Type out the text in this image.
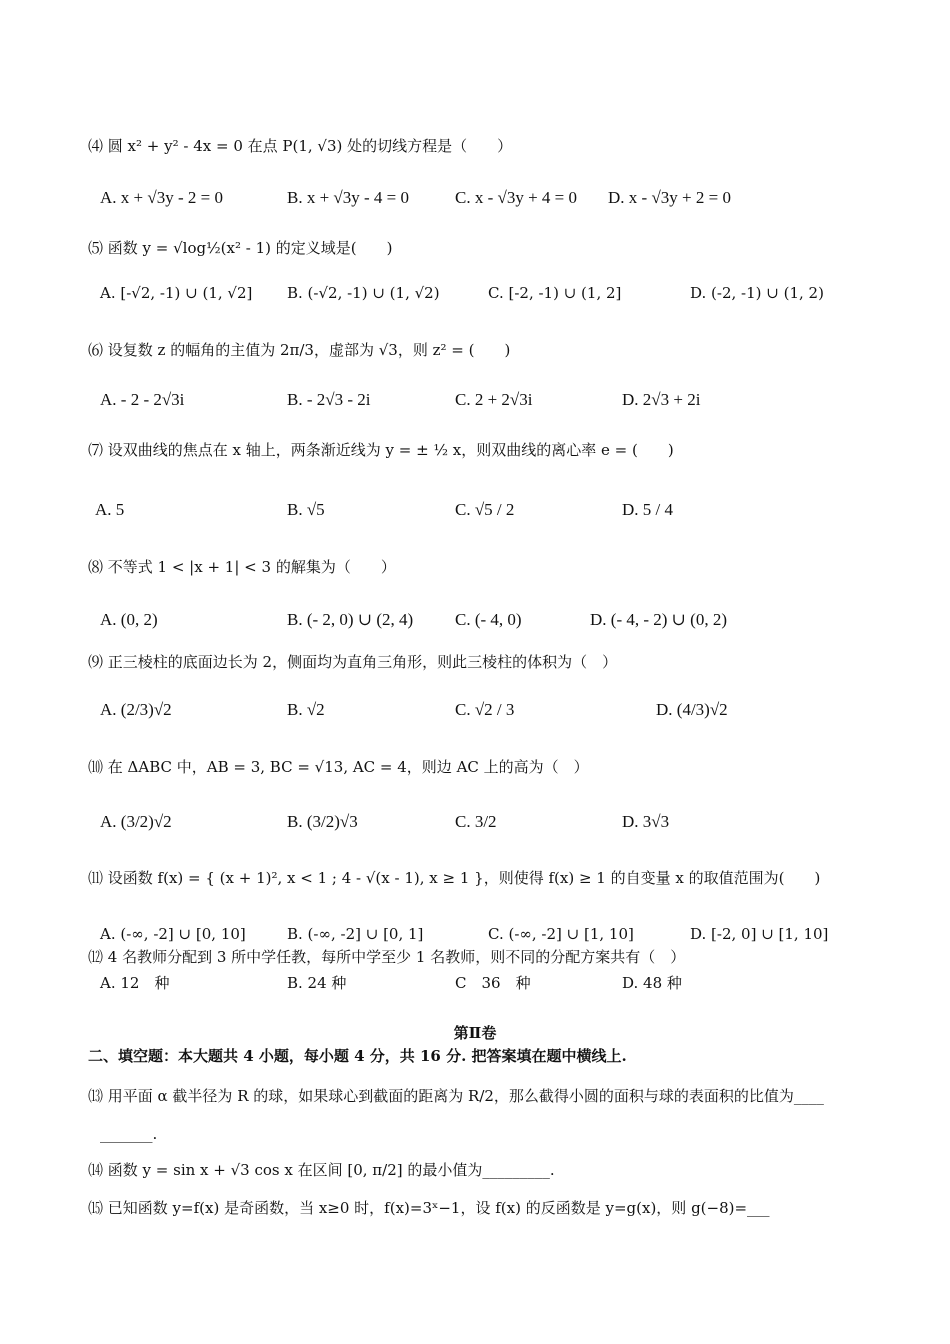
⑷ 圆 x² + y² - 4x = 0 在点 P(1, √3) 处的切线方程是（　　）
A. x + √3y - 2 = 0	B. x + √3y - 4 = 0	C. x - √3y + 4 = 0 D. x - √3y + 2 = 0
⑸ 函数 y = √log½(x² - 1) 的定义域是(　　)
A. [-√2, -1) ∪ (1, √2] B. (-√2, -1) ∪ (1, √2)	C. [-2, -1) ∪ (1, 2]	D. (-2, -1) ∪ (1, 2)
⑹ 设复数 z 的幅角的主值为 2π/3，虚部为 √3，则 z² = (　　)
A. - 2 - 2√3i	B. - 2√3 - 2i	C. 2 + 2√3i	D. 2√3 + 2i
⑺ 设双曲线的焦点在 x 轴上，两条渐近线为 y = ± ½ x，则双曲线的离心率 e = (　　)
A. 5	B. √5	C. √5 / 2	D. 5 / 4
⑻ 不等式 1 < |x + 1| < 3 的解集为（　　）
A. (0, 2)	B. (- 2, 0) ∪ (2, 4) C. (- 4, 0)	D. (- 4, - 2) ∪ (0, 2)
⑼ 正三棱柱的底面边长为 2，侧面均为直角三角形，则此三棱柱的体积为（　）
A. (2/3)√2	B. √2	C. √2 / 3	D. (4/3)√2
⑽ 在 ΔABC 中，AB = 3, BC = √13, AC = 4，则边 AC 上的高为（　）
A. (3/2)√2	B. (3/2)√3	C. 3/2	D. 3√3
⑾ 设函数 f(x) = { (x + 1)², x < 1 ; 4 - √(x - 1), x ≥ 1 }，则使得 f(x) ≥ 1 的自变量 x 的取值范围为(　　)
A. (-∞, -2] ∪ [0, 10]	B. (-∞, -2] ∪ [0, 1]	C. (-∞, -2] ∪ [1, 10]	D. [-2, 0] ∪ [1, 10]
⑿ 4 名教师分配到 3 所中学任教，每所中学至少 1 名教师，则不同的分配方案共有（　）
A. 12　种	B. 24 种	C　36　种	D. 48 种
第Ⅱ卷
二、填空题：本大题共 4 小题，每小题 4 分，共 16 分. 把答案填在题中横线上.
⒀ 用平面 α 截半径为 R 的球，如果球心到截面的距离为 R/2，那么截得小圆的面积与球的表面积的比值为____
_______.
⒁ 函数 y = sin x + √3 cos x 在区间 [0, π/2] 的最小值为_________.
⒂ 已知函数 y=f(x) 是奇函数，当 x≥0 时，f(x)=3ˣ−1，设 f(x) 的反函数是 y=g(x)，则 g(−8)=___
